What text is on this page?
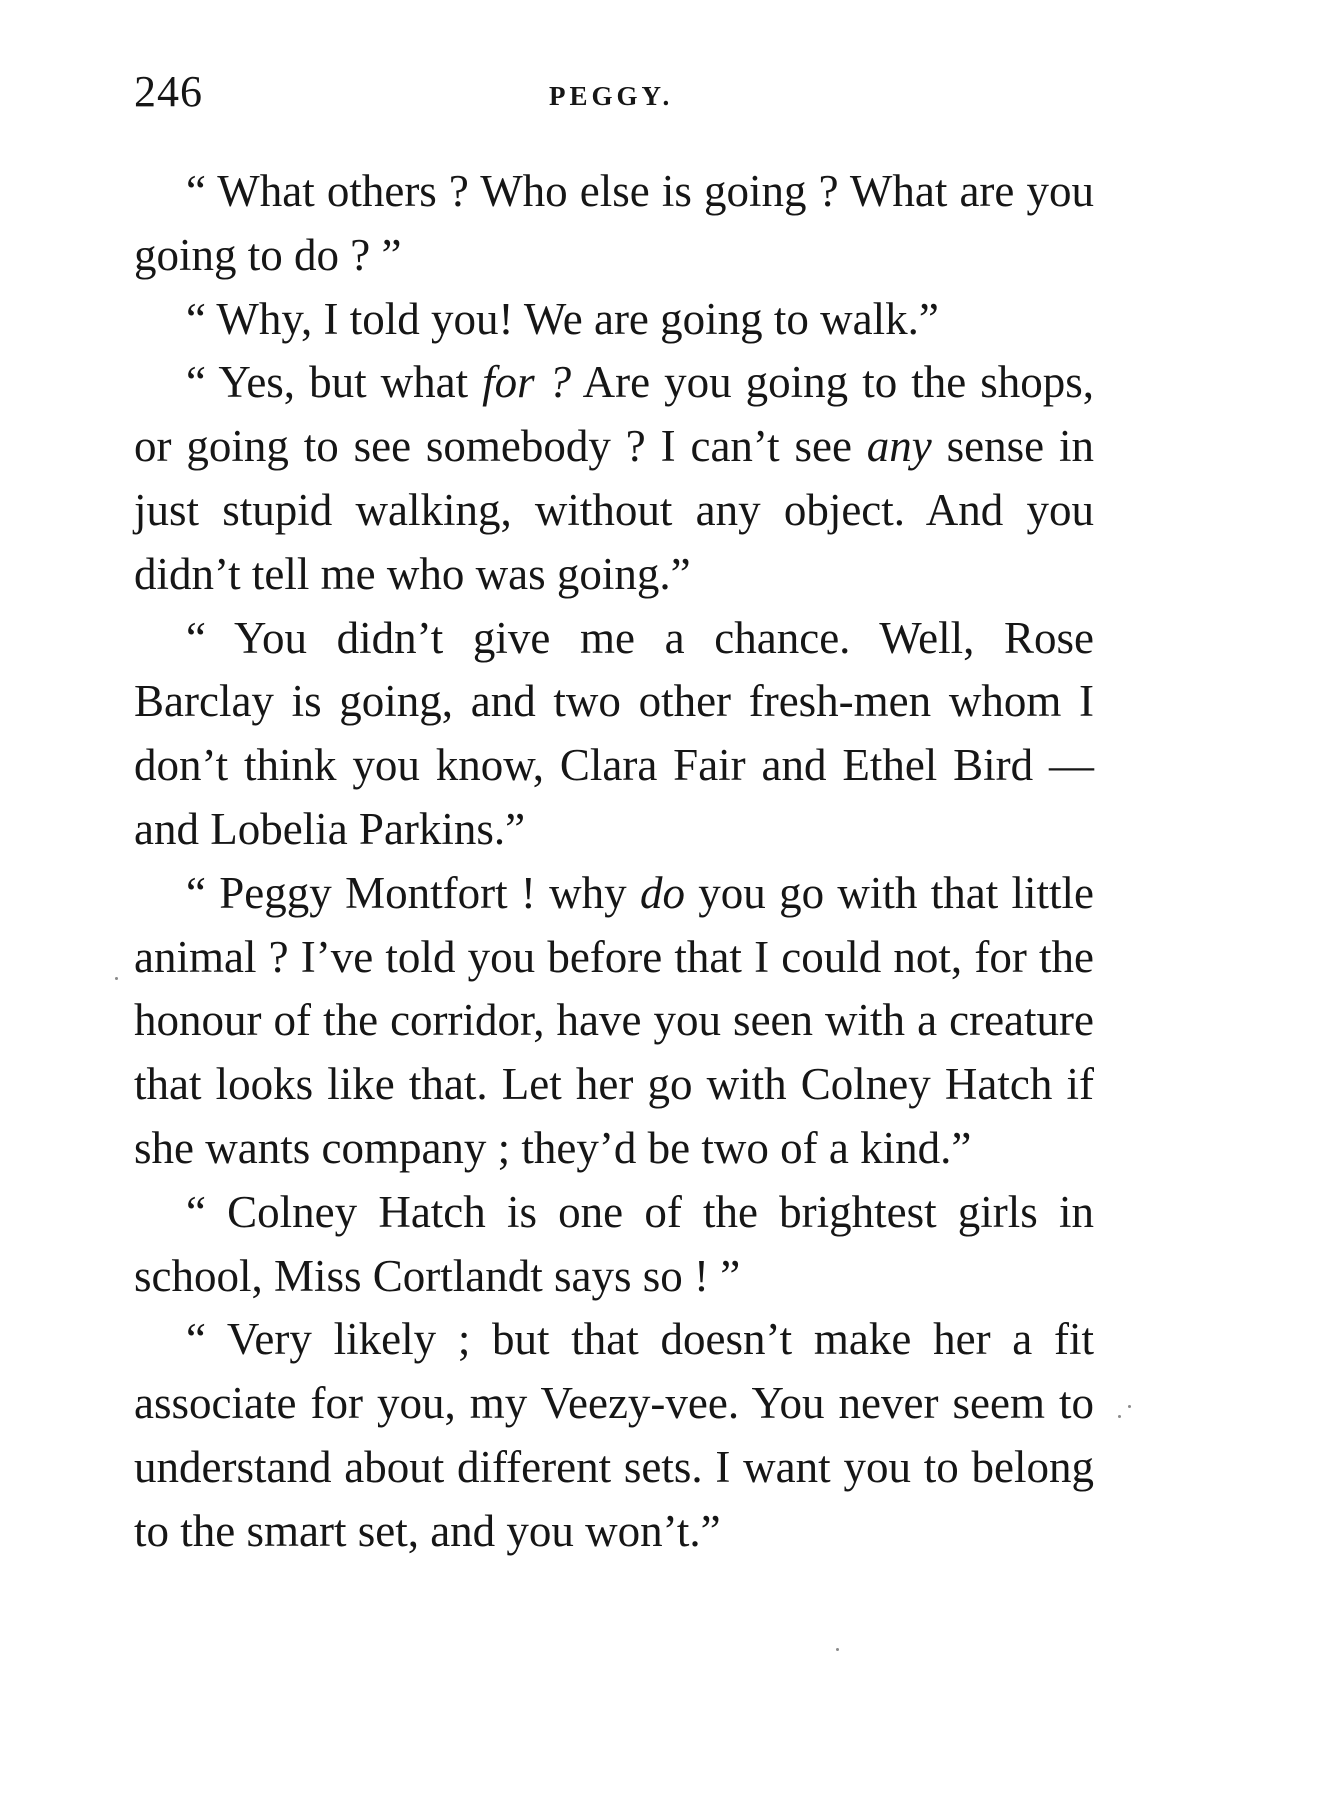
246	PEGGY.

“ What others ? Who else is going ? What are you going to do ? ”

“ Why, I told you! We are going to walk.”

“ Yes, but what for ? Are you going to the shops, or going to see somebody ? I can’t see any sense in just stupid walking, without any object. And you didn’t tell me who was going.”

“ You didn’t give me a chance. Well, Rose Barclay is going, and two other fresh-men whom I don’t think you know, Clara Fair and Ethel Bird — and Lobelia Parkins.”

“ Peggy Montfort ! why do you go with that little animal ? I’ve told you before that I could not, for the honour of the corridor, have you seen with a creature that looks like that. Let her go with Colney Hatch if she wants company ; they’d be two of a kind.”

“ Colney Hatch is one of the brightest girls in school, Miss Cortlandt says so ! ”

“ Very likely ; but that doesn’t make her a fit associate for you, my Veezy-vee. You never seem to understand about different sets. I want you to belong to the smart set, and you won’t.”
